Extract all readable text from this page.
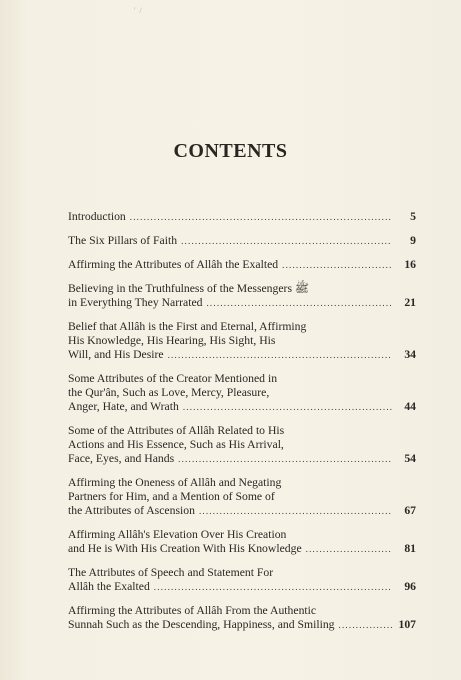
' /
CONTENTS
Introduction .....	5
The Six Pillars of Faith .....	9
Affirming the Attributes of Allâh the Exalted .....	16
Believing in the Truthfulness of the Messengers ﷺ
in Everything They Narrated .....	21
Belief that Allâh is the First and Eternal, Affirming
His Knowledge, His Hearing, His Sight, His
Will, and His Desire .....	34
Some Attributes of the Creator Mentioned in
the Qur'ân, Such as Love, Mercy, Pleasure,
Anger, Hate, and Wrath .....	44
Some of the Attributes of Allâh Related to His
Actions and His Essence, Such as His Arrival,
Face, Eyes, and Hands .....	54
Affirming the Oneness of Allâh and Negating
Partners for Him, and a Mention of Some of
the Attributes of Ascension .....	67
Affirming Allâh's Elevation Over His Creation
and He is With His Creation With His Knowledge .....	81
The Attributes of Speech and Statement For
Allâh the Exalted .....	96
Affirming the Attributes of Allâh From the Authentic
Sunnah Such as the Descending, Happiness, and Smiling .....	107
